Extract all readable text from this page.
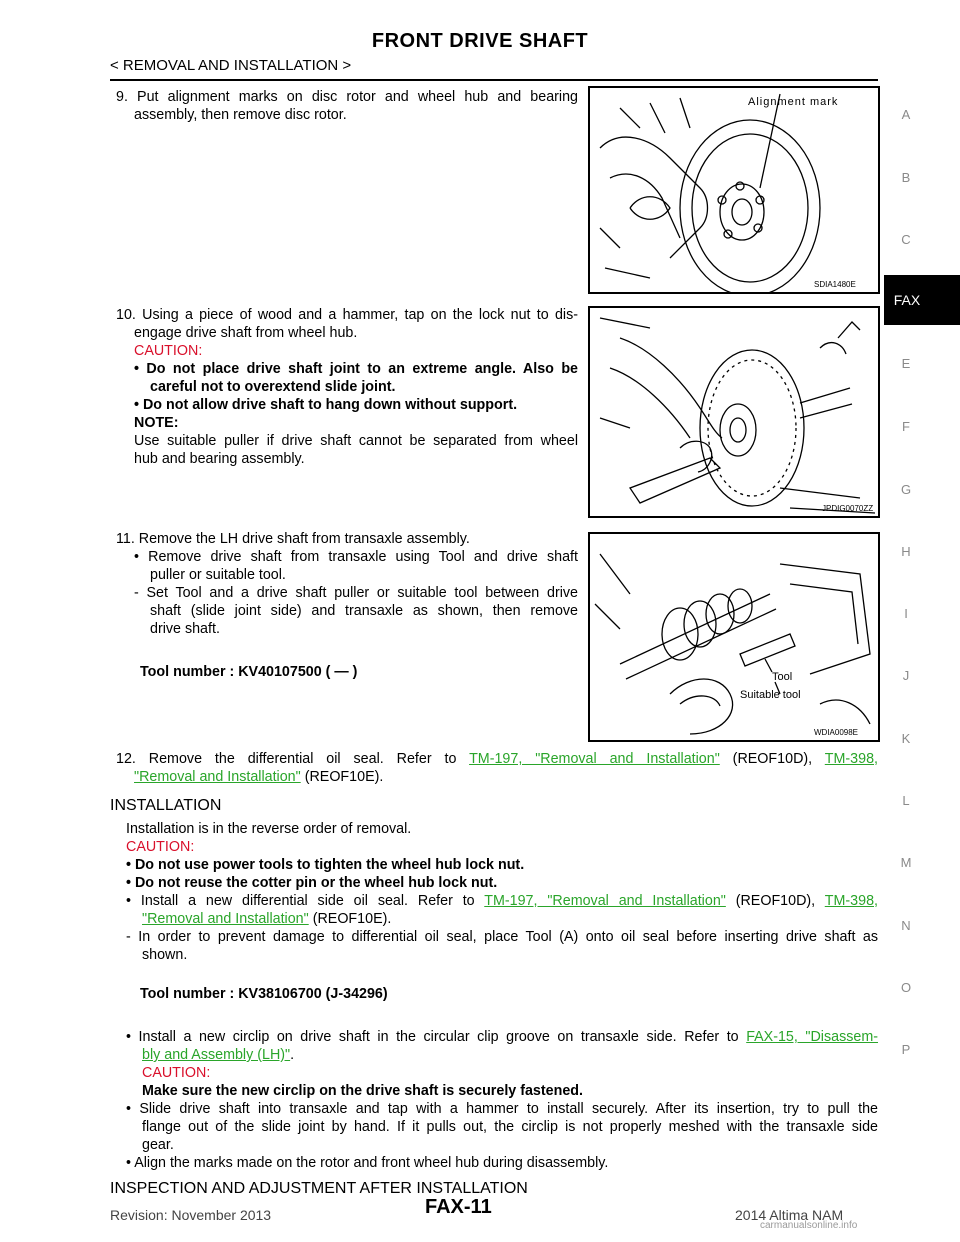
FRONT DRIVE SHAFT
< REMOVAL AND INSTALLATION >
A
B
C
FAX
E
F
G
H
I
J
K
L
M
N
O
P
9. Put alignment marks on disc rotor and wheel hub and bearing
assembly, then remove disc rotor.
Alignment mark
SDIA1480E
10. Using a piece of wood and a hammer, tap on the lock nut to dis-
engage drive shaft from wheel hub.
CAUTION:
• Do not place drive shaft joint to an extreme angle. Also be
careful not to overextend slide joint.
• Do not allow drive shaft to hang down without support.
NOTE:
Use suitable puller if drive shaft cannot be separated from wheel
hub and bearing assembly.
JPDIG0070ZZ
11. Remove the LH drive shaft from transaxle assembly.
• Remove drive shaft from transaxle using Tool and drive shaft
puller or suitable tool.
- Set Tool and a drive shaft puller or suitable tool between drive
shaft (slide joint side) and transaxle as shown, then remove
drive shaft.
Tool number : KV40107500 ( — )	Tool
Suitable tool
WDIA0098E
12. Remove the differential oil seal. Refer to TM-197, "Removal and Installation" (REOF10D), TM-398,
"Removal and Installation" (REOF10E).
INSTALLATION
Installation is in the reverse order of removal.
CAUTION:
• Do not use power tools to tighten the wheel hub lock nut.
• Do not reuse the cotter pin or the wheel hub lock nut.
• Install a new differential side oil seal. Refer to TM-197, "Removal and Installation" (REOF10D), TM-398,
"Removal and Installation" (REOF10E).
- In order to prevent damage to differential oil seal, place Tool (A) onto oil seal before inserting drive shaft as
shown.
Tool number : KV38106700 (J-34296)
• Install a new circlip on drive shaft in the circular clip groove on transaxle side. Refer to FAX-15, "Disassem-
bly and Assembly (LH)".
CAUTION:
Make sure the new circlip on the drive shaft is securely fastened.
• Slide drive shaft into transaxle and tap with a hammer to install securely. After its insertion, try to pull the
flange out of the slide joint by hand. If it pulls out, the circlip is not properly meshed with the transaxle side
gear.
• Align the marks made on the rotor and front wheel hub during disassembly.
INSPECTION AND ADJUSTMENT AFTER INSTALLATION
Revision: November 2013	FAX-11	2014 Altima NAM
carmanualsonline.info
